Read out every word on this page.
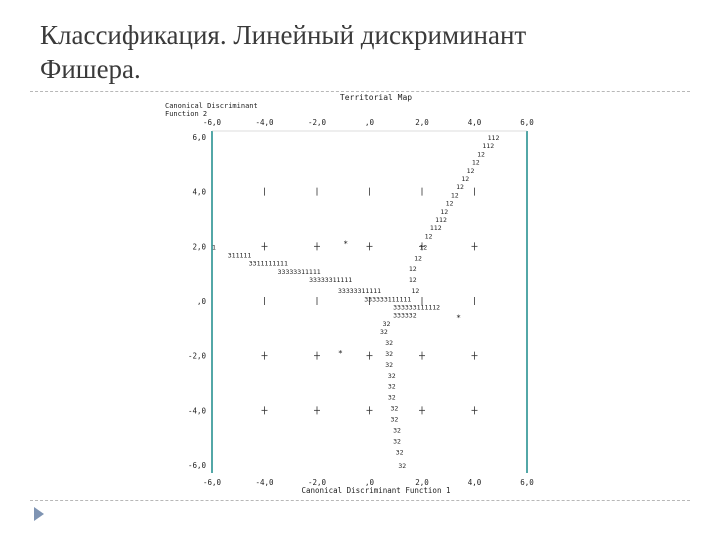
Классификация. Линейный дискриминант
Фишера.
Territorial Map
Canonical Discriminant
Function 2
Canonical Discriminant Function 1
-6,0
-6,0
-4,0
-4,0
-2,0
-2,0
,0
,0
2,0
2,0
4,0
4,0
6,0
6,0
6,0
4,0
2,0
,0
-2,0
-4,0
-6,0
112
112
12
12
12
12
12
12
12
12
112
112
12
12
12
12
12
12
1
311111
3311111111
33333311111
33333311111
33333311111
333333111111
333333111112
333332
32
32
32
32
32
32
32
32
32
32
32
32
32
32
*
*
*
